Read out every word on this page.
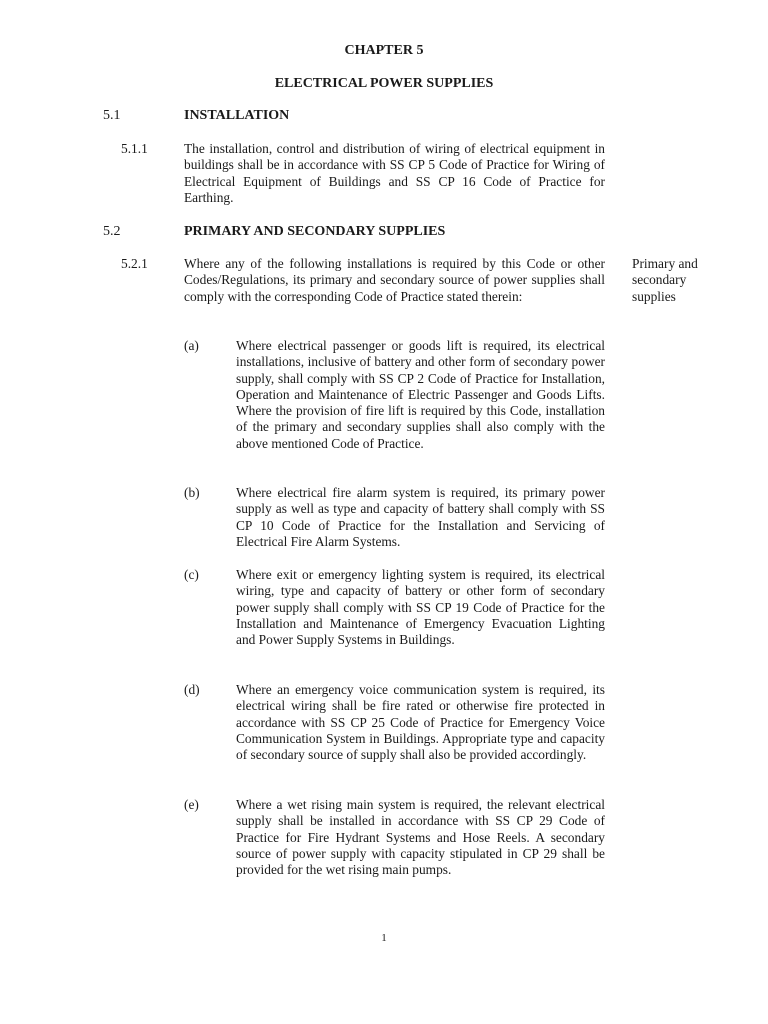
CHAPTER 5
ELECTRICAL POWER SUPPLIES
5.1	INSTALLATION
5.1.1	The installation, control and distribution of wiring of electrical equipment in buildings shall be in accordance with SS CP 5 Code of Practice for Wiring of Electrical Equipment of Buildings and SS CP 16 Code of Practice for Earthing.
5.2	PRIMARY AND SECONDARY SUPPLIES
5.2.1	Where any of the following installations is required by this Code or other Codes/Regulations, its primary and secondary source of power supplies shall comply with the corresponding Code of Practice stated therein:
Primary and secondary supplies
(a)	Where electrical passenger or goods lift is required, its electrical installations, inclusive of battery and other form of secondary power supply, shall comply with SS CP 2 Code of Practice for Installation, Operation and Maintenance of Electric Passenger and Goods Lifts. Where the provision of fire lift is required by this Code, installation of the primary and secondary supplies shall also comply with the above mentioned Code of Practice.
(b)	Where electrical fire alarm system is required, its primary power supply as well as type and capacity of battery shall comply with SS CP 10 Code of Practice for the Installation and Servicing of Electrical Fire Alarm Systems.
(c)	Where exit or emergency lighting system is required, its electrical wiring, type and capacity of battery or other form of secondary power supply shall comply with SS CP 19 Code of Practice for the Installation and Maintenance of Emergency Evacuation Lighting and Power Supply Systems in Buildings.
(d)	Where an emergency voice communication system is required, its electrical wiring shall be fire rated or otherwise fire protected in accordance with SS CP 25 Code of Practice for Emergency Voice Communication System in Buildings. Appropriate type and capacity of secondary source of supply shall also be provided accordingly.
(e)	Where a wet rising main system is required, the relevant electrical supply shall be installed in accordance with SS CP 29 Code of Practice for Fire Hydrant Systems and Hose Reels. A secondary source of power supply with capacity stipulated in CP 29 shall be provided for the wet rising main pumps.
1
